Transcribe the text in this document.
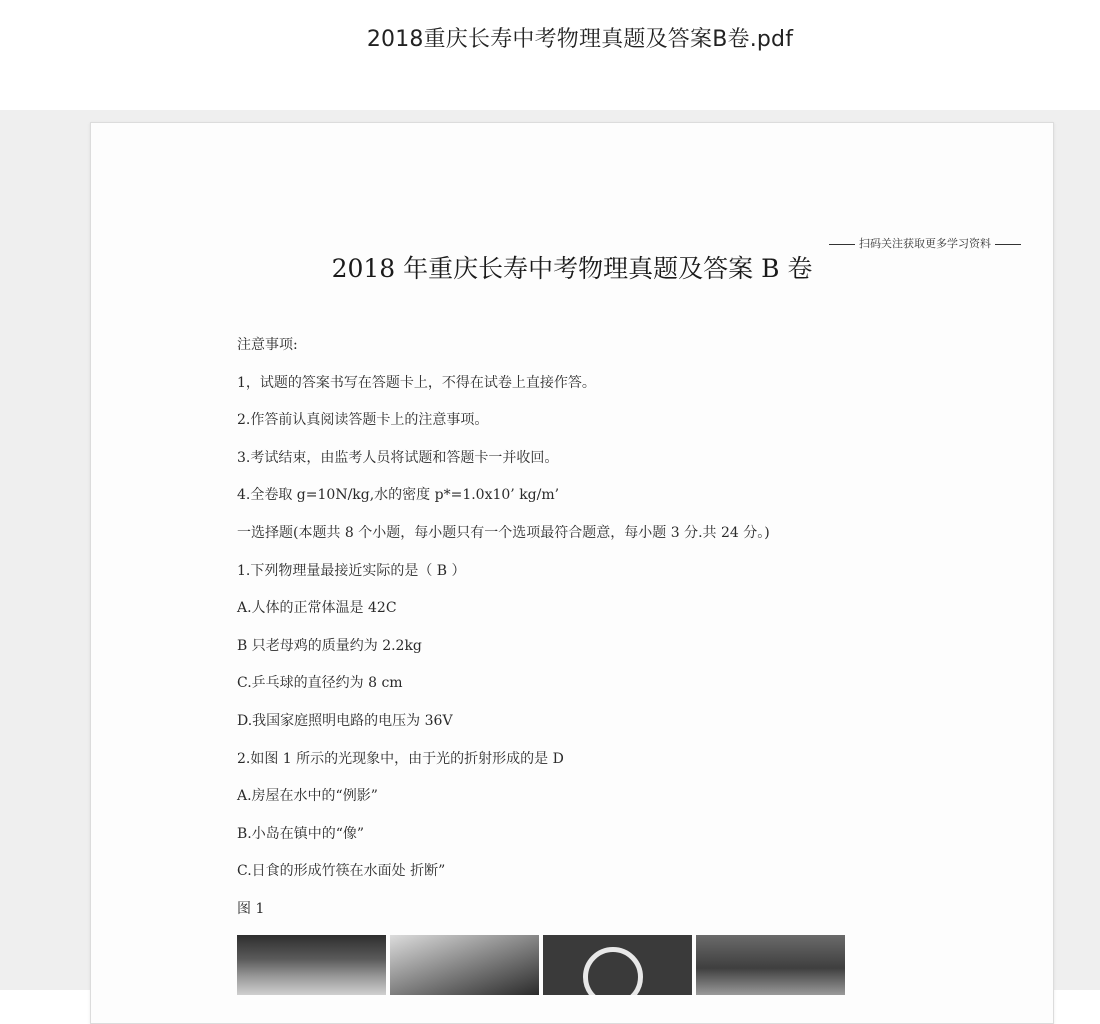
2018重庆长寿中考物理真题及答案B卷.pdf
扫码关注获取更多学习资料
2018 年重庆长寿中考物理真题及答案 B 卷
注意事项:
1，试题的答案书写在答题卡上，不得在试卷上直接作答。
2.作答前认真阅读答题卡上的注意事项。
3.考试结束，由监考人员将试题和答题卡一并收回。
4.全卷取 g=10N/kg,水的密度 p*=1.0x10’ kg/m’
一选择题(本题共 8 个小题，每小题只有一个选项最符合题意，每小题 3 分.共 24 分。)
1.下列物理量最接近实际的是（ B ）
A.人体的正常体温是 42C
B 只老母鸡的质量约为 2.2kg
C.乒乓球的直径约为 8 cm
D.我国家庭照明电路的电压为 36V
2.如图 1 所示的光现象中，由于光的折射形成的是 D
A.房屋在水中的“例影”
B.小岛在镇中的“像”
C.日食的形成竹筷在水面处 折断”
图 1
